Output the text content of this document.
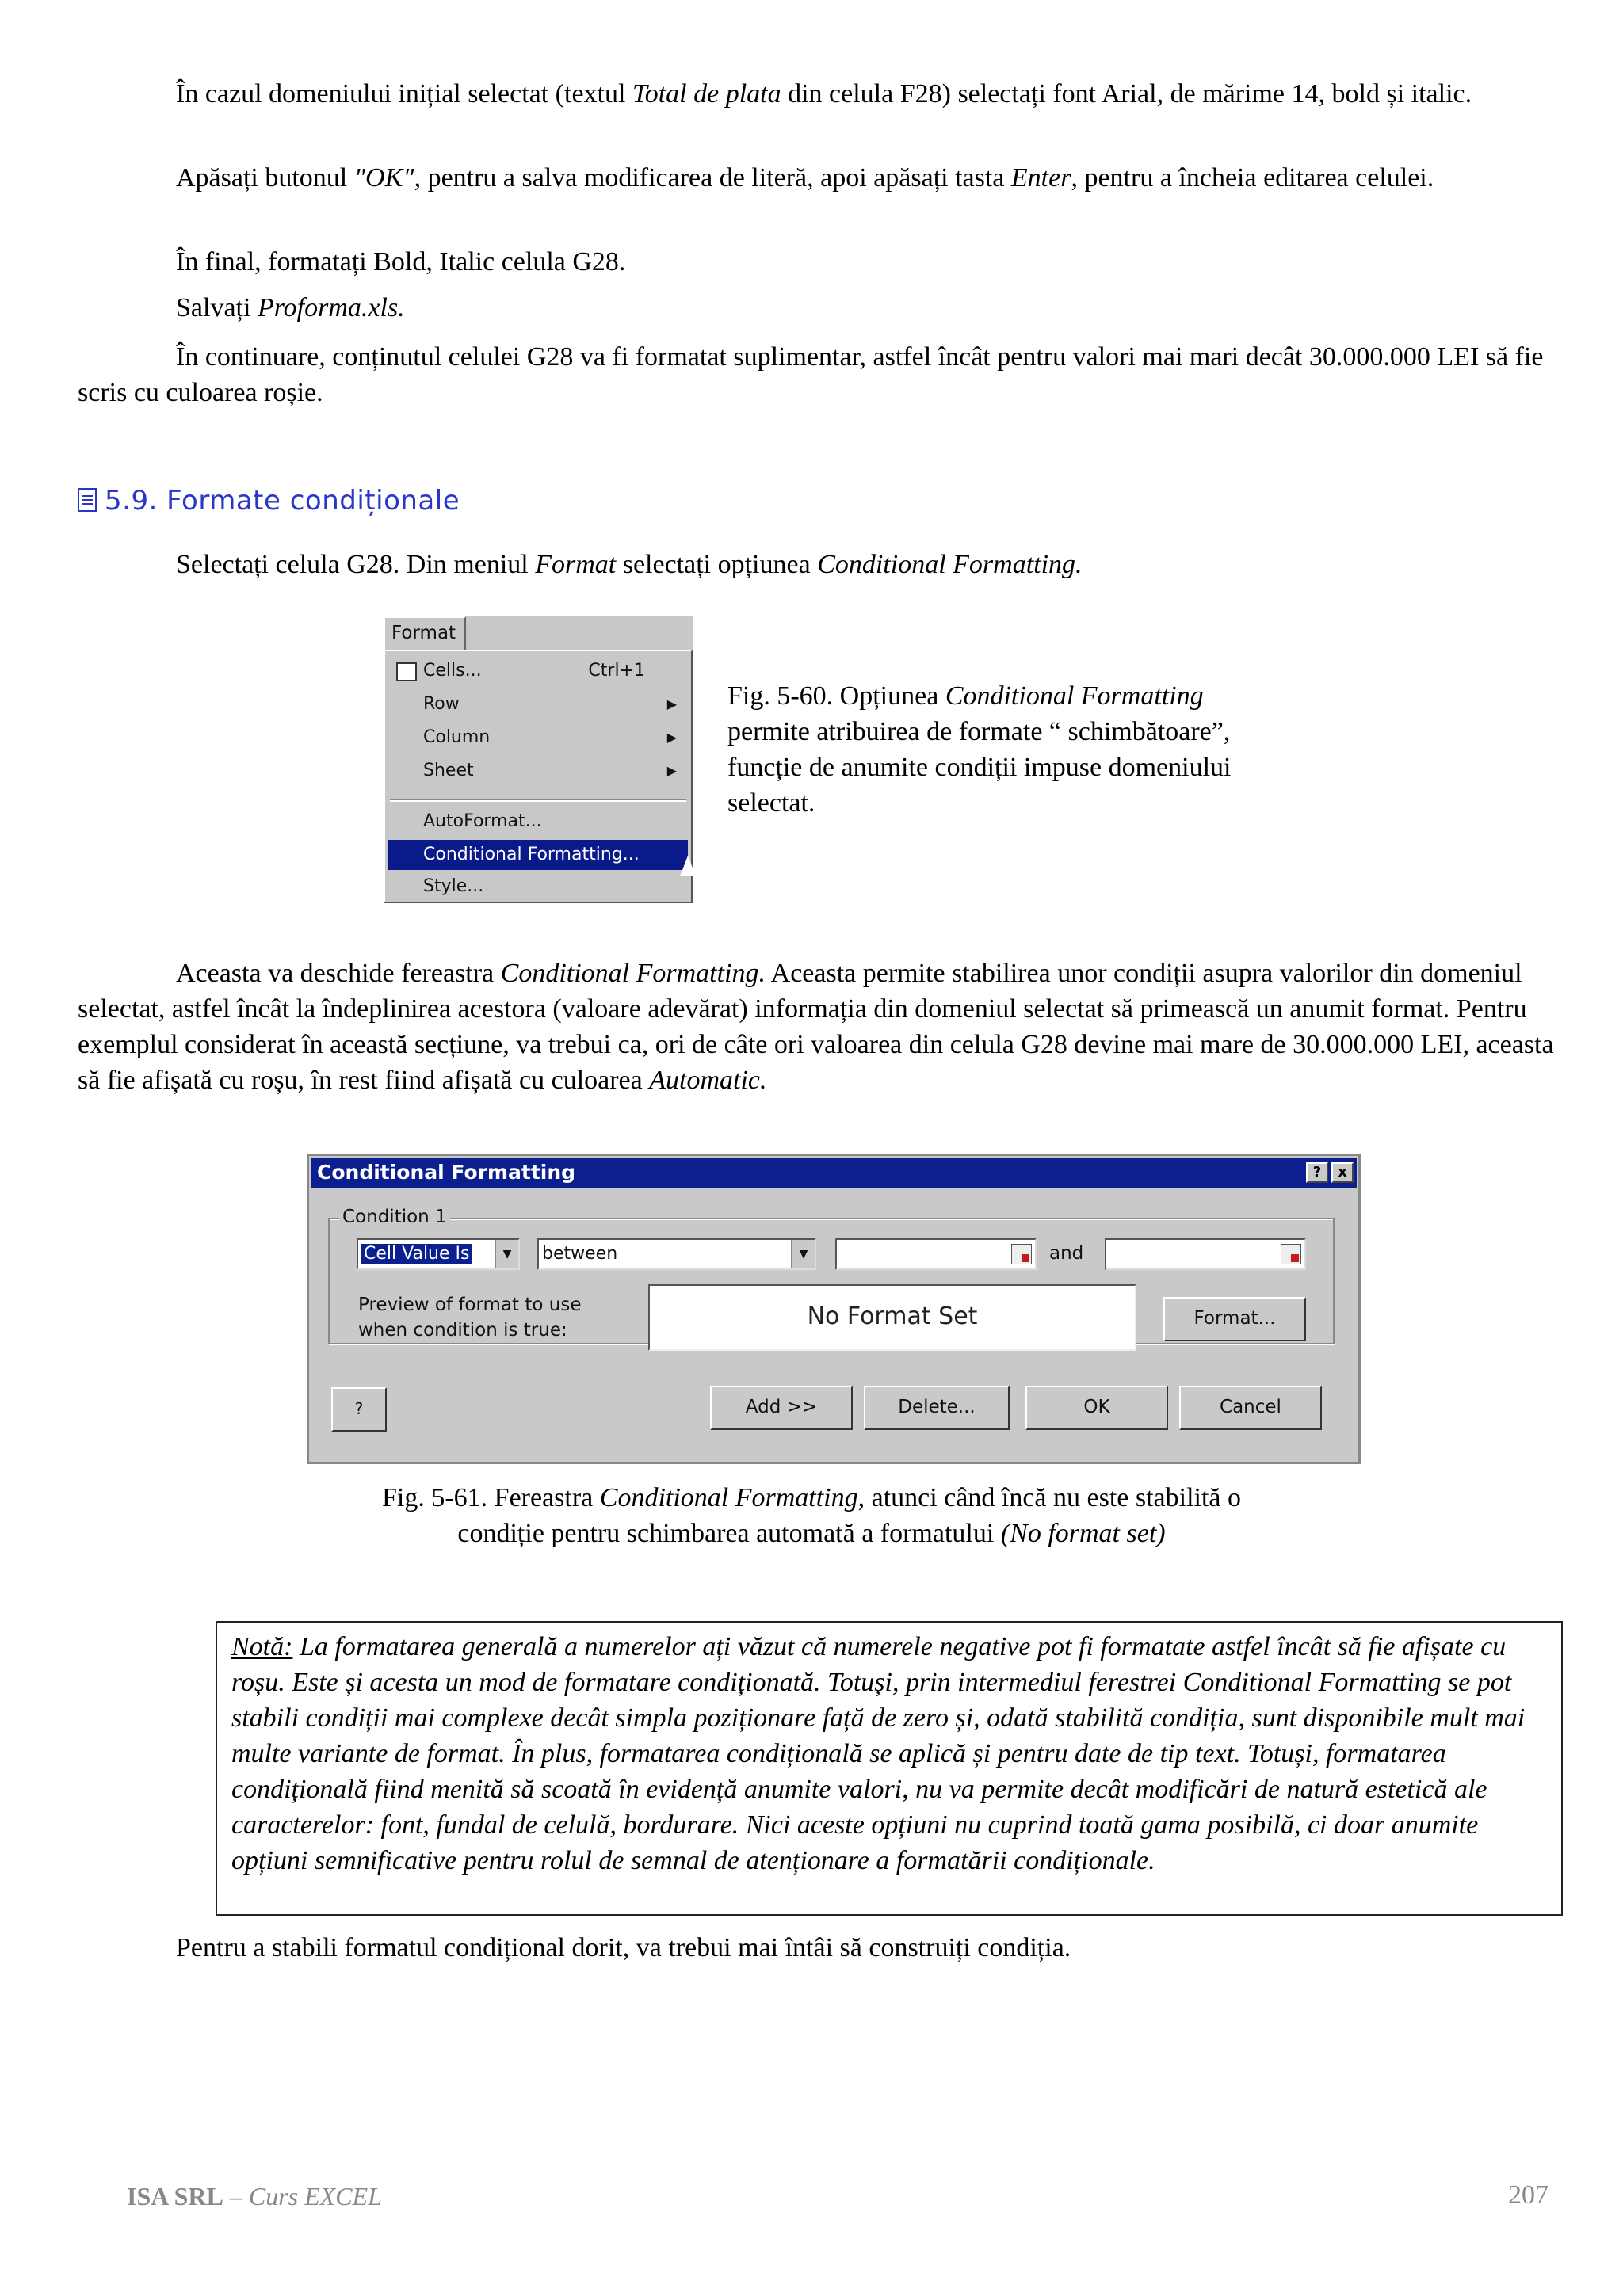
În cazul domeniului inițial selectat (textul Total de plata din celula F28) selectați font Arial, de mărime 14, bold și italic.
Apăsați butonul "OK", pentru a salva modificarea de literă, apoi apăsați tasta Enter, pentru a încheia editarea celulei.
În final, formatați Bold, Italic celula G28.
Salvați Proforma.xls.
În continuare, conținutul celulei G28 va fi formatat suplimentar, astfel încât pentru valori mai mari decât 30.000.000 LEI să fie scris cu culoarea roșie.
5.9. Formate condiționale
Selectați celula G28. Din meniul Format selectați opțiunea Conditional Formatting.
Format
Cells...	Ctrl+1
Row	▶
Column	▶
Sheet	▶
AutoFormat...
Conditional Formatting...
Style...
Fig. 5-60. Opțiunea Conditional Formatting
permite atribuirea de formate “ schimbătoare”,
funcție de anumite condiții impuse domeniului
selectat.
Aceasta va deschide fereastra Conditional Formatting. Aceasta permite stabilirea unor condiții asupra valorilor din domeniul selectat, astfel încât la îndeplinirea acestora (valoare adevărat) informația din domeniul selectat să primească un anumit format. Pentru exemplul considerat în această secțiune, va trebui ca, ori de câte ori valoarea din celula G28 devine mai mare de 30.000.000 LEI, aceasta să fie afișată cu roșu, în rest fiind afișată cu culoarea Automatic.
Conditional Formatting	?	x
Condition 1
Cell Value Is	▼	between	▼	and
Preview of format to use
when condition is true:	No Format Set	Format...
?	Add >>	Delete...	OK	Cancel
Fig. 5-61. Fereastra Conditional Formatting, atunci când încă nu este stabilită o
condiție pentru schimbarea automată a formatului (No format set)
Notă: La formatarea generală a numerelor ați văzut că numerele negative pot fi formatate astfel încât să fie afișate cu roșu. Este și acesta un mod de formatare condiționată. Totuși, prin intermediul ferestrei Conditional Formatting se pot stabili condiții mai complexe decât simpla poziționare față de zero și, odată stabilită condiția, sunt disponibile mult mai multe variante de format. În plus, formatarea condițională se aplică și pentru date de tip text. Totuși, formatarea condițională fiind menită să scoată în evidență anumite valori, nu va permite decât modificări de natură estetică ale caracterelor: font, fundal de celulă, bordurare. Nici aceste opțiuni nu cuprind toată gama posibilă, ci doar anumite opțiuni semnificative pentru rolul de semnal de atenționare a formatării condiționale.
Pentru a stabili formatul condițional dorit, va trebui mai întâi să construiți condiția.
ISA SRL – Curs EXCEL	207
